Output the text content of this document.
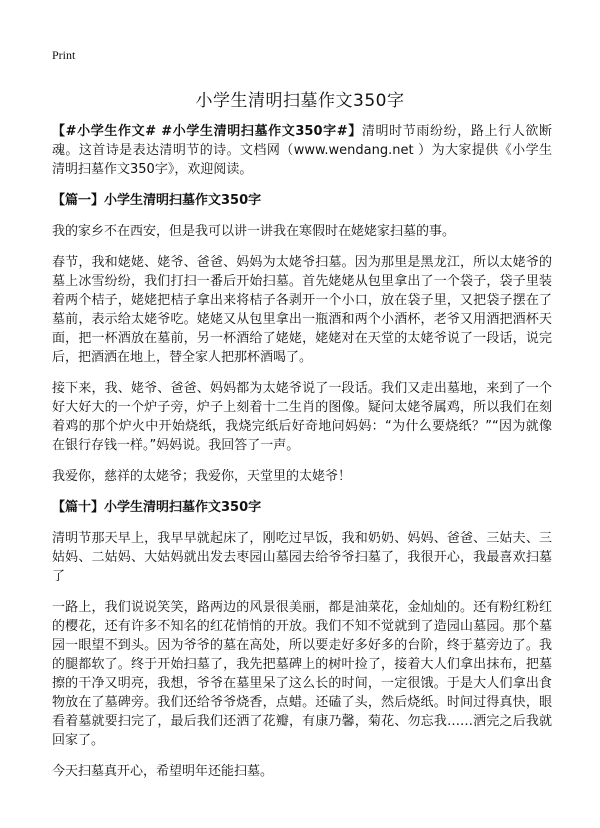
Print
小学生清明扫墓作文350字

【#小学生作文# #小学生清明扫墓作文350字#】清明时节雨纷纷，路上行人欲断魂。这首诗是表达清明节的诗。文档网（www.wendang.net ）为大家提供《小学生清明扫墓作文350字》，欢迎阅读。

【篇一】小学生清明扫墓作文350字

我的家乡不在西安，但是我可以讲一讲我在寒假时在姥姥家扫墓的事。

春节，我和姥姥、姥爷、爸爸、妈妈为太姥爷扫墓。因为那里是黑龙江，所以太姥爷的墓上冰雪纷纷，我们打扫一番后开始扫墓。首先姥姥从包里拿出了一个袋子，袋子里装着两个桔子，姥姥把桔子拿出来将桔子各剥开一个小口，放在袋子里，又把袋子摆在了墓前，表示给太姥爷吃。姥姥又从包里拿出一瓶酒和两个小酒杯，老爷又用酒把酒杯天面，把一杯酒放在墓前，另一杯酒给了姥姥，姥姥对在天堂的太姥爷说了一段话，说完后，把酒洒在地上，替全家人把那杯酒喝了。

接下来，我、姥爷、爸爸、妈妈都为太姥爷说了一段话。我们又走出墓地，来到了一个好大好大的一个炉子旁，炉子上刻着十二生肖的图像。疑问太姥爷属鸡，所以我们在刻着鸡的那个炉火中开始烧纸，我烧完纸后好奇地问妈妈：“为什么要烧纸？”“因为就像在银行存钱一样。”妈妈说。我回答了一声。

我爱你，慈祥的太姥爷；我爱你，天堂里的太姥爷！

【篇十】小学生清明扫墓作文350字

清明节那天早上，我早早就起床了，刚吃过早饭，我和奶奶、妈妈、爸爸、三姑夫、三姑妈、二姑妈、大姑妈就出发去枣园山墓园去给爷爷扫墓了，我很开心，我最喜欢扫墓了

一路上，我们说说笑笑，路两边的风景很美丽，都是油菜花，金灿灿的。还有粉红粉红的樱花，还有许多不知名的红花悄悄的开放。我们不知不觉就到了造园山墓园。那个墓园一眼望不到头。因为爷爷的墓在高处，所以要走好多好多的台阶，终于墓旁边了。我的腿都软了。终于开始扫墓了，我先把墓碑上的树叶捡了，接着大人们拿出抹布，把墓擦的干净又明亮，我想，爷爷在墓里呆了这么长的时间，一定很饿。于是大人们拿出食物放在了墓碑旁。我们还给爷爷烧香，点蜡。还磕了头，然后烧纸。时间过得真快，眼看着墓就要扫完了，最后我们还洒了花瓣，有康乃馨，菊花、勿忘我……洒完之后我就回家了。

今天扫墓真开心，希望明年还能扫墓。
